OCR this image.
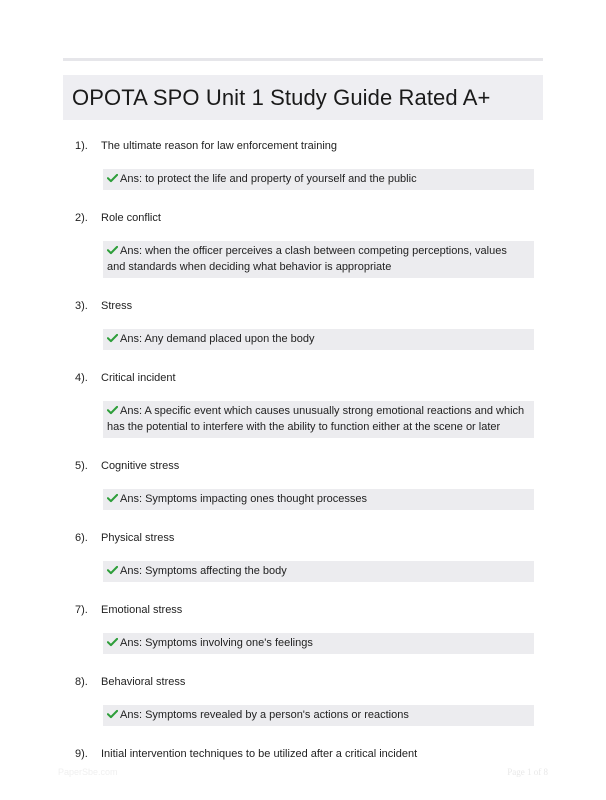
OPOTA SPO Unit 1 Study Guide Rated A+
1).	The ultimate reason for law enforcement training
Ans: to protect the life and property of yourself and the public
2).	Role conflict
Ans: when the officer perceives a clash between competing perceptions, values and standards when deciding what behavior is appropriate
3).	Stress
Ans: Any demand placed upon the body
4).	Critical incident
Ans: A specific event which causes unusually strong emotional reactions and which has the potential to interfere with the ability to function either at the scene or later
5).	Cognitive stress
Ans: Symptoms impacting ones thought processes
6).	Physical stress
Ans: Symptoms affecting the body
7).	Emotional stress
Ans: Symptoms involving one's feelings
8).	Behavioral stress
Ans: Symptoms revealed by a person's actions or reactions
9).	Initial intervention techniques to be utilized after a critical incident
PaperSbe.com	Page 1 of 8
